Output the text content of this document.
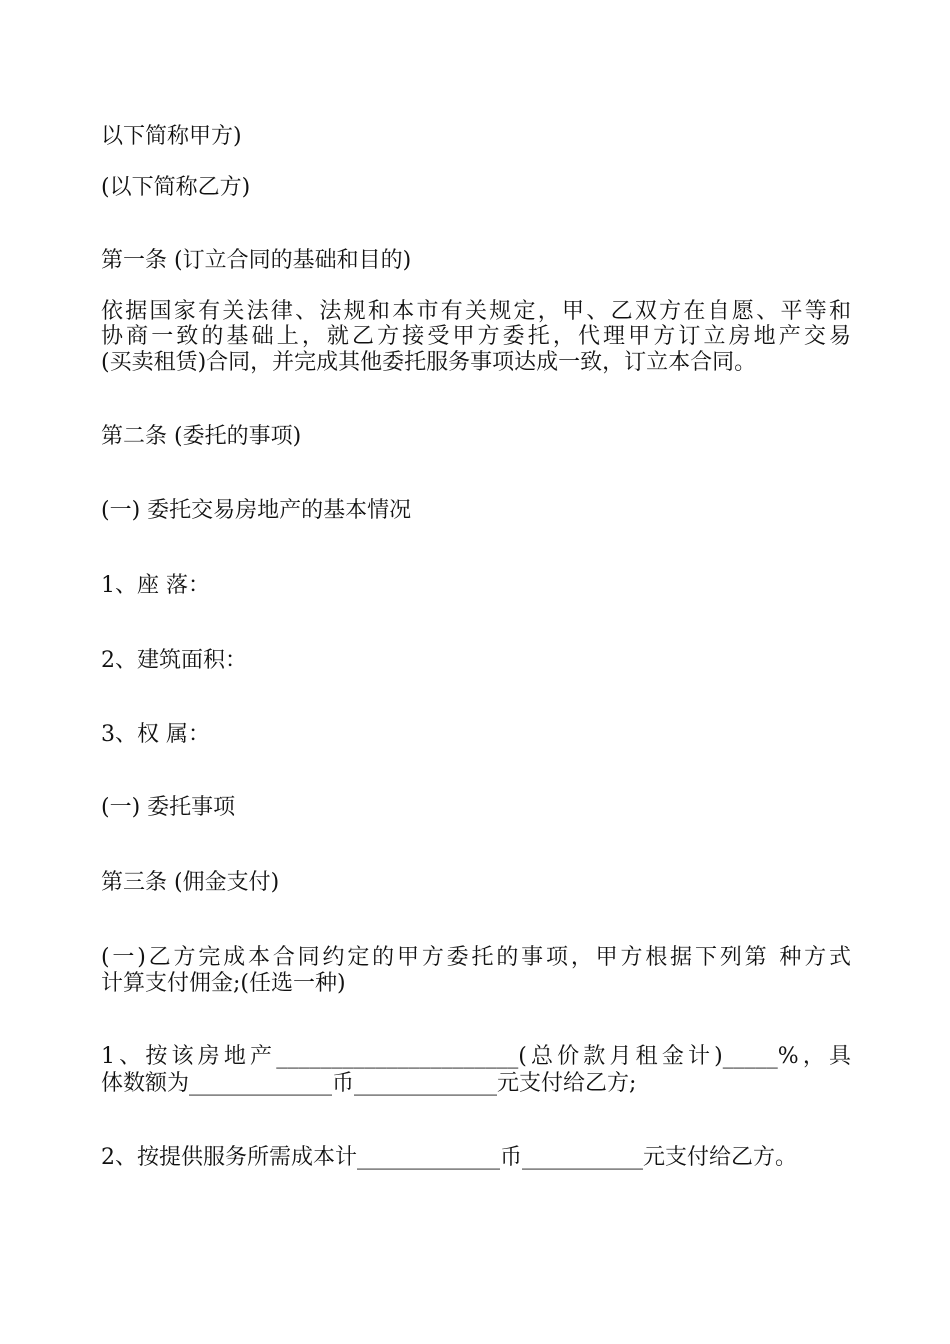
以下简称甲方)
(以下简称乙方)
第一条 (订立合同的基础和目的)
依据国家有关法律、法规和本市有关规定，甲、乙双方在自愿、平等和
协商一致的基础上，就乙方接受甲方委托，代理甲方订立房地产交易
(买卖租赁)合同，并完成其他委托服务事项达成一致，订立本合同。
第二条 (委托的事项)
(一) 委托交易房地产的基本情况
1、座 落：
2、建筑面积：
3、权 属：
(一) 委托事项
第三条 (佣金支付)
(一)乙方完成本合同约定的甲方委托的事项，甲方根据下列第 种方式
计算支付佣金;(任选一种)
1、按该房地产______________________(总价款月租金计)_____%，具
体数额为_____________币_____________元支付给乙方;
2、按提供服务所需成本计_____________币___________元支付给乙方。
